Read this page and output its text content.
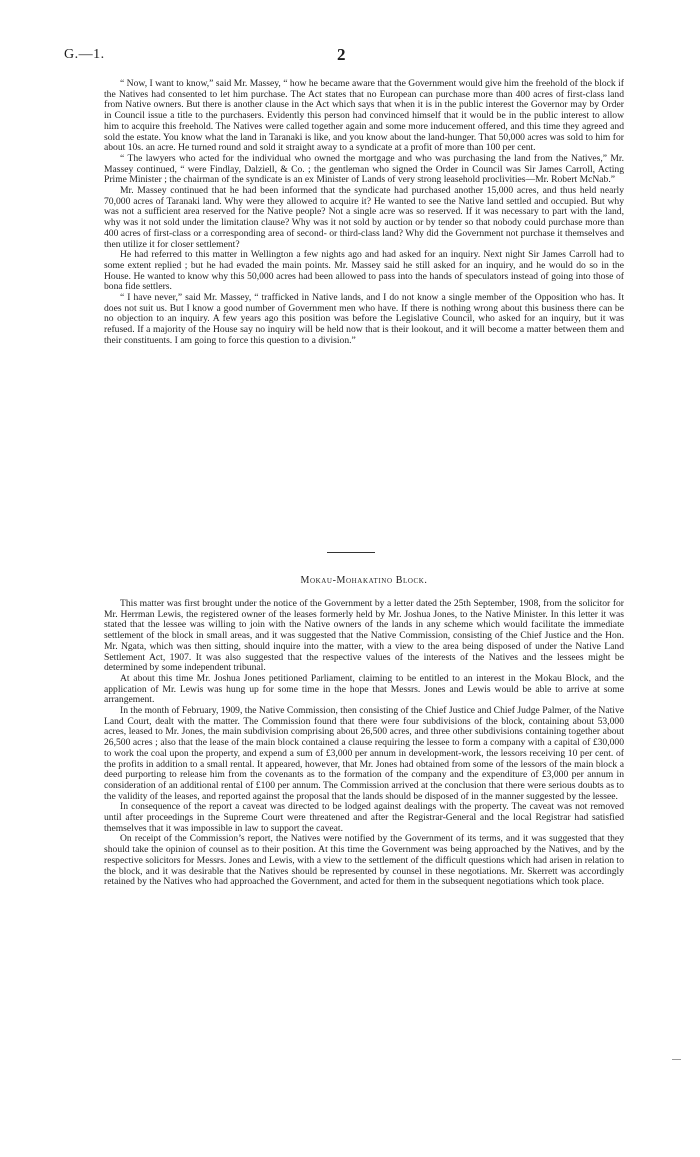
G.—1.	2

“ Now, I want to know,” said Mr. Massey, “ how he became aware that the Government would give him the freehold of the block if the Natives had consented to let him purchase. The Act states that no European can purchase more than 400 acres of first-class land from Native owners. But there is another clause in the Act which says that when it is in the public interest the Governor may by Order in Council issue a title to the purchasers. Evidently this person had convinced himself that it would be in the public interest to allow him to acquire this freehold. The Natives were called together again and some more inducement offered, and this time they agreed and sold the estate. You know what the land in Taranaki is like, and you know about the land-hunger. That 50,000 acres was sold to him for about 10s. an acre. He turned round and sold it straight away to a syndicate at a profit of more than 100 per cent.

“ The lawyers who acted for the individual who owned the mortgage and who was purchasing the land from the Natives,” Mr. Massey continued, “ were Findlay, Dalziell, & Co. ; the gentleman who signed the Order in Council was Sir James Carroll, Acting Prime Minister ; the chairman of the syndicate is an ex Minister of Lands of very strong leasehold proclivities—Mr. Robert McNab.”

Mr. Massey continued that he had been informed that the syndicate had purchased another 15,000 acres, and thus held nearly 70,000 acres of Taranaki land. Why were they allowed to acquire it? He wanted to see the Native land settled and occupied. But why was not a sufficient area reserved for the Native people? Not a single acre was so reserved. If it was necessary to part with the land, why was it not sold under the limitation clause? Why was it not sold by auction or by tender so that nobody could purchase more than 400 acres of first-class or a corresponding area of second- or third-class land? Why did the Government not purchase it themselves and then utilize it for closer settlement?

He had referred to this matter in Wellington a few nights ago and had asked for an inquiry. Next night Sir James Carroll had to some extent replied ; but he had evaded the main points. Mr. Massey said he still asked for an inquiry, and he would do so in the House. He wanted to know why this 50,000 acres had been allowed to pass into the hands of speculators instead of going into those of bona fide settlers.

“ I have never,” said Mr. Massey, “ trafficked in Native lands, and I do not know a single member of the Opposition who has. It does not suit us. But I know a good number of Government men who have. If there is nothing wrong about this business there can be no objection to an inquiry. A few years ago this position was before the Legislative Council, who asked for an inquiry, but it was refused. If a majority of the House say no inquiry will be held now that is their lookout, and it will become a matter between them and their constituents. I am going to force this question to a division.”

Mokau-Mohakatino Block.

This matter was first brought under the notice of the Government by a letter dated the 25th September, 1908, from the solicitor for Mr. Herrman Lewis, the registered owner of the leases formerly held by Mr. Joshua Jones, to the Native Minister. In this letter it was stated that the lessee was willing to join with the Native owners of the lands in any scheme which would facilitate the immediate settlement of the block in small areas, and it was suggested that the Native Commission, consisting of the Chief Justice and the Hon. Mr. Ngata, which was then sitting, should inquire into the matter, with a view to the area being disposed of under the Native Land Settlement Act, 1907. It was also suggested that the respective values of the interests of the Natives and the lessees might be determined by some independent tribunal.

At about this time Mr. Joshua Jones petitioned Parliament, claiming to be entitled to an interest in the Mokau Block, and the application of Mr. Lewis was hung up for some time in the hope that Messrs. Jones and Lewis would be able to arrive at some arrangement.

In the month of February, 1909, the Native Commission, then consisting of the Chief Justice and Chief Judge Palmer, of the Native Land Court, dealt with the matter. The Commission found that there were four subdivisions of the block, containing about 53,000 acres, leased to Mr. Jones, the main subdivision comprising about 26,500 acres, and three other subdivisions containing together about 26,500 acres ; also that the lease of the main block contained a clause requiring the lessee to form a company with a capital of £30,000 to work the coal upon the property, and expend a sum of £3,000 per annum in development-work, the lessors receiving 10 per cent. of the profits in addition to a small rental. It appeared, however, that Mr. Jones had obtained from some of the lessors of the main block a deed purporting to release him from the covenants as to the formation of the company and the expenditure of £3,000 per annum in consideration of an additional rental of £100 per annum. The Commission arrived at the conclusion that there were serious doubts as to the validity of the leases, and reported against the proposal that the lands should be disposed of in the manner suggested by the lessee.

In consequence of the report a caveat was directed to be lodged against dealings with the property. The caveat was not removed until after proceedings in the Supreme Court were threatened and after the Registrar-General and the local Registrar had satisfied themselves that it was impossible in law to support the caveat.

On receipt of the Commission’s report, the Natives were notified by the Government of its terms, and it was suggested that they should take the opinion of counsel as to their position. At this time the Government was being approached by the Natives, and by the respective solicitors for Messrs. Jones and Lewis, with a view to the settlement of the difficult questions which had arisen in relation to the block, and it was desirable that the Natives should be represented by counsel in these negotiations. Mr. Skerrett was accordingly retained by the Natives who had approached the Government, and acted for them in the subsequent negotiations which took place.
